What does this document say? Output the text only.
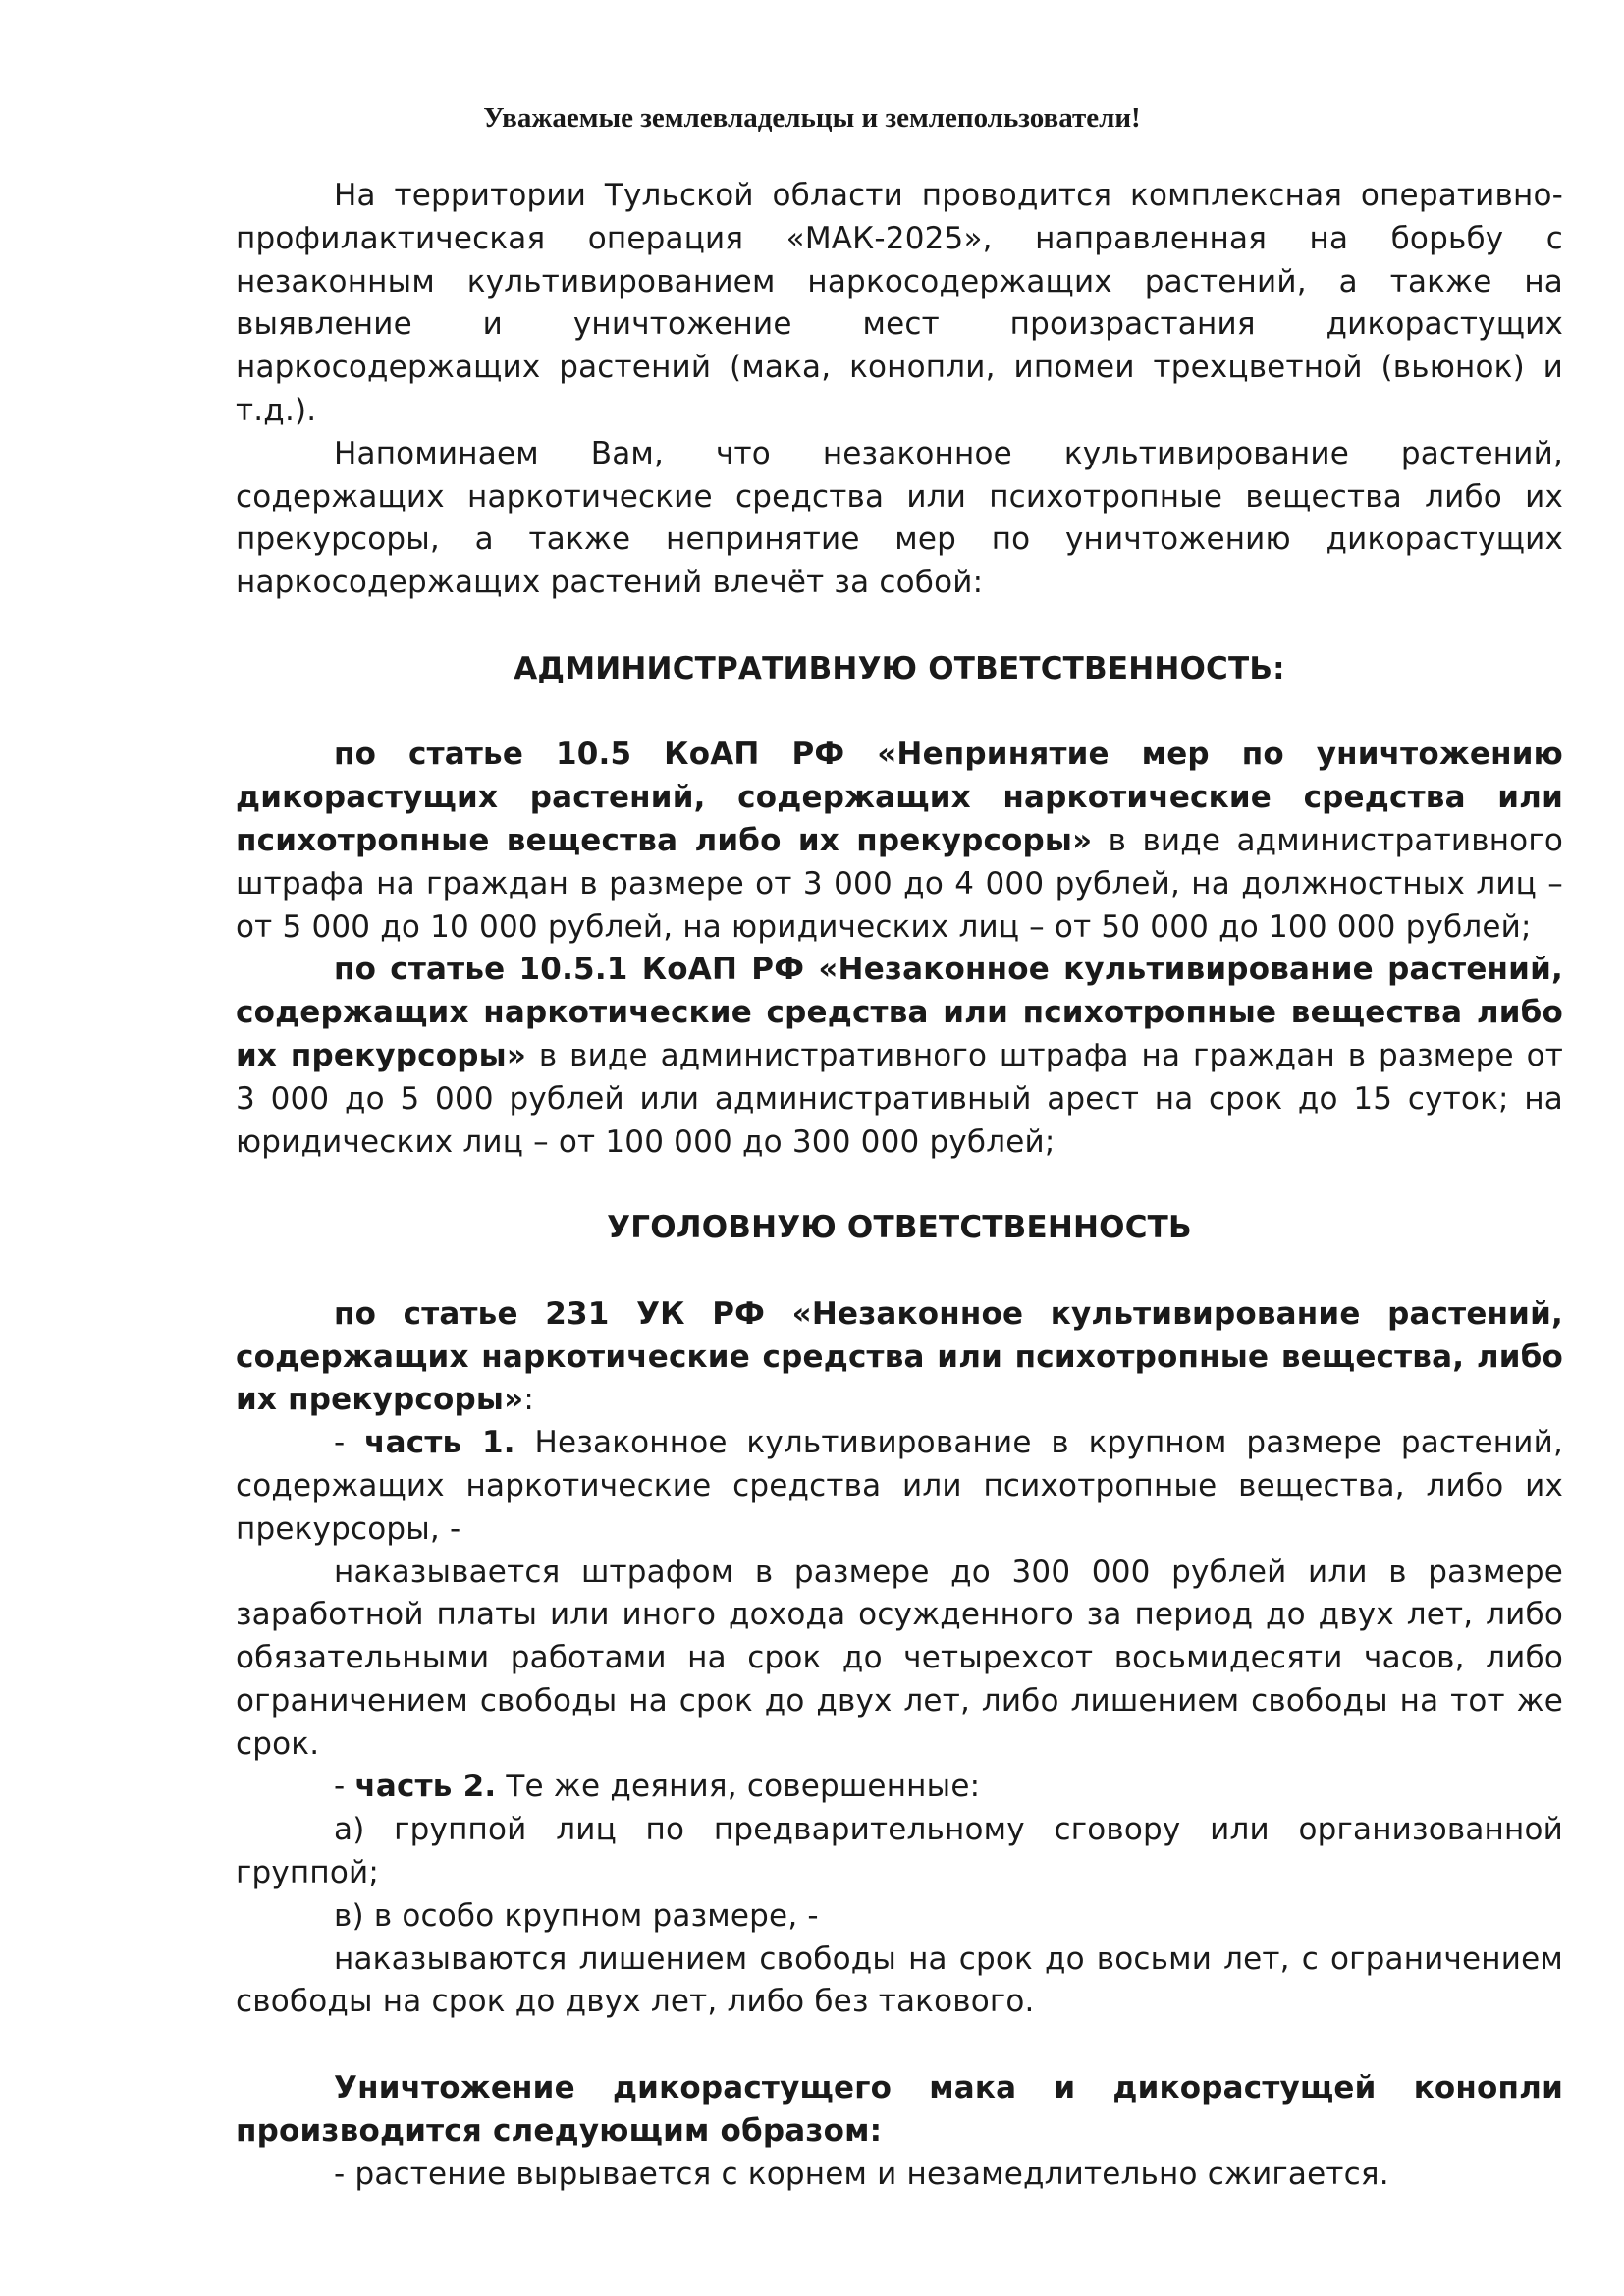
Уважаемые землевладельцы и землепользователи!

На территории Тульской области проводится комплексная оперативно-профилактическая операция «МАК-2025», направленная на борьбу с незаконным культивированием наркосодержащих растений, а также на выявление и уничтожение мест произрастания дикорастущих наркосодержащих растений (мака, конопли, ипомеи трехцветной (вьюнок) и т.д.).

Напоминаем Вам, что незаконное культивирование растений, содержащих наркотические средства или психотропные вещества либо их прекурсоры, а также непринятие мер по уничтожению дикорастущих наркосодержащих растений влечёт за собой:

АДМИНИСТРАТИВНУЮ ОТВЕТСТВЕННОСТЬ:

по статье 10.5 КоАП РФ «Непринятие мер по уничтожению дикорастущих растений, содержащих наркотические средства или психотропные вещества либо их прекурсоры» в виде административного штрафа на граждан в размере от 3 000 до 4 000 рублей, на должностных лиц – от 5 000 до 10 000 рублей, на юридических лиц – от 50 000 до 100 000 рублей;

по статье 10.5.1 КоАП РФ «Незаконное культивирование растений, содержащих наркотические средства или психотропные вещества либо их прекурсоры» в виде административного штрафа на граждан в размере от 3 000 до 5 000 рублей или административный арест на срок до 15 суток; на юридических лиц – от 100 000 до 300 000 рублей;

УГОЛОВНУЮ ОТВЕТСТВЕННОСТЬ

по статье 231 УК РФ «Незаконное культивирование растений, содержащих наркотические средства или психотропные вещества, либо их прекурсоры»:

- часть 1. Незаконное культивирование в крупном размере растений, содержащих наркотические средства или психотропные вещества, либо их прекурсоры, -

наказывается штрафом в размере до 300 000 рублей или в размере заработной платы или иного дохода осужденного за период до двух лет, либо обязательными работами на срок до четырехсот восьмидесяти часов, либо ограничением свободы на срок до двух лет, либо лишением свободы на тот же срок.

- часть 2. Те же деяния, совершенные:

а) группой лиц по предварительному сговору или организованной группой;

в) в особо крупном размере, -

наказываются лишением свободы на срок до восьми лет, с ограничением свободы на срок до двух лет, либо без такового.

Уничтожение дикорастущего мака и дикорастущей конопли производится следующим образом:

- растение вырывается с корнем и незамедлительно сжигается.
